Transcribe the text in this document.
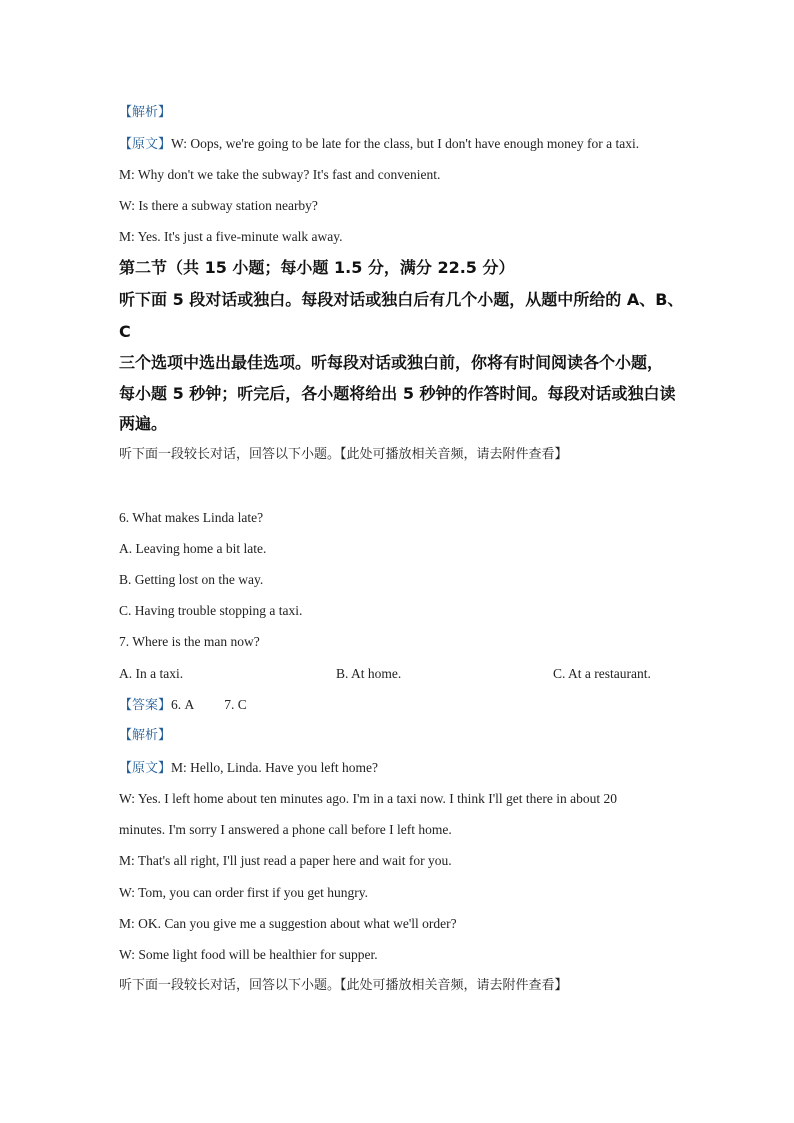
【解析】
【原文】W: Oops, we're going to be late for the class, but I don't have enough money for a taxi.
M: Why don't we take the subway? It's fast and convenient.
W: Is there a subway station nearby?
M: Yes. It's just a five-minute walk away.
第二节（共 15 小题；每小题 1.5 分，满分 22.5 分）
听下面 5 段对话或独白。每段对话或独白后有几个小题，从题中所给的 A、B、
C
三个选项中选出最佳选项。听每段对话或独白前，你将有时间阅读各个小题，
每小题 5 秒钟；听完后，各小题将给出 5 秒钟的作答时间。每段对话或独白读
两遍。
听下面一段较长对话，回答以下小题。【此处可播放相关音频，请去附件查看】
6. What makes Linda late?
A. Leaving home a bit late.
B. Getting lost on the way.
C. Having trouble stopping a taxi.
7. Where is the man now?
A. In a taxi.	B. At home.	C. At a restaurant.
【答案】6. A 7. C
【解析】
【原文】M: Hello, Linda. Have you left home?
W: Yes. I left home about ten minutes ago. I'm in a taxi now. I think I'll get there in about 20
minutes. I'm sorry I answered a phone call before I left home.
M: That's all right, I'll just read a paper here and wait for you.
W: Tom, you can order first if you get hungry.
M: OK. Can you give me a suggestion about what we'll order?
W: Some light food will be healthier for supper.
听下面一段较长对话，回答以下小题。【此处可播放相关音频，请去附件查看】
